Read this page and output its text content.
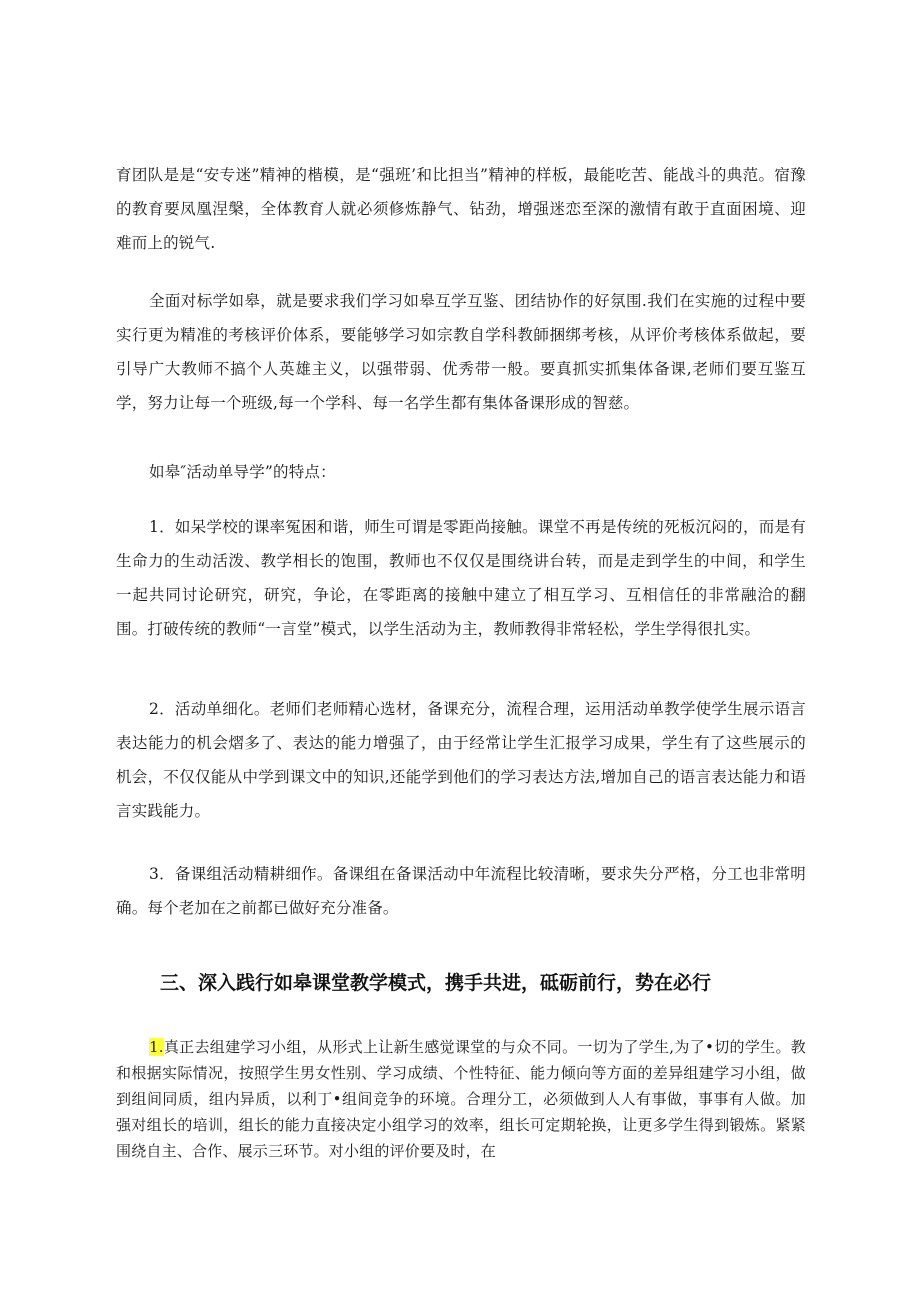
育团队是是“安专迷”精神的楷模，是“强班’和比担当”精神的样板，最能吃苦、能战斗的典范。宿豫的教育要凤凰涅槃，全体教育人就必须修炼静气、钻劲，增强迷恋至深的激情有敢于直面困境、迎难而上的锐气.

全面对标学如皋，就是要求我们学习如皋互学互鉴、团结协作的好氛围.我们在实施的过程中要实行更为精准的考核评价体系，要能够学习如宗教自学科教師捆绑考核，从评价考核体系做起，要引导广大教师不搞个人英雄主义，以强带弱、优秀带一般。要真抓实抓集体备课,老师们要互鉴互学，努力让每一个班级,每一个学科、每一名学生都有集体备课形成的智慈。

如皋″活动单导学”的特点：

1．如呆学校的课率冤困和谐，师生可谓是零距尚接触。课堂不再是传统的死板沉闷的，而是有生命力的生动活泼、教学相长的饱围，教师也不仅仅是围绕讲台转，而是走到学生的中间，和学生一起共同讨论研究，研究，争论，在零距离的接触中建立了相互学习、互相信任的非常融洽的翻围。打破传统的教师“一言堂”模式，以学生活动为主，教师教得非常轻松，学生学得很扎实。

2．活动单细化。老师们老师精心选材，备课充分，流程合理，运用活动单教学使学生展示语言表达能力的机会熠多了、表达的能力增强了，由于经常让学生汇报学习成果，学生有了这些展示的机会，不仅仅能从中学到课文中的知识,还能学到他们的学习表达方法,增加自己的语言表达能力和语言实践能力。

3．备课组活动精耕细作。备课组在备课活动中年流程比较清晰，要求失分严格，分工也非常明确。每个老加在之前都已做好充分准备。

三、深入践行如皋课堂教学模式，携手共进，砥砺前行，势在必行

1.真正去组建学习小组，从形式上让新生感觉课堂的与众不同。一切为了学生,为了•切的学生。教和根据实际情况，按照学生男女性别、学习成绩、个性特征、能力倾向等方面的差异组建学习小组，做到组间同质，组内异质，以利丁•组间竞争的环境。合理分工，必须做到人人有事做，事事有人做。加强对组长的培训，组长的能力直接决定小组学习的效率，组长可定期轮换，让更多学生得到锻炼。紧紧围绕自主、合作、展示三环节。对小组的评价要及时，在
